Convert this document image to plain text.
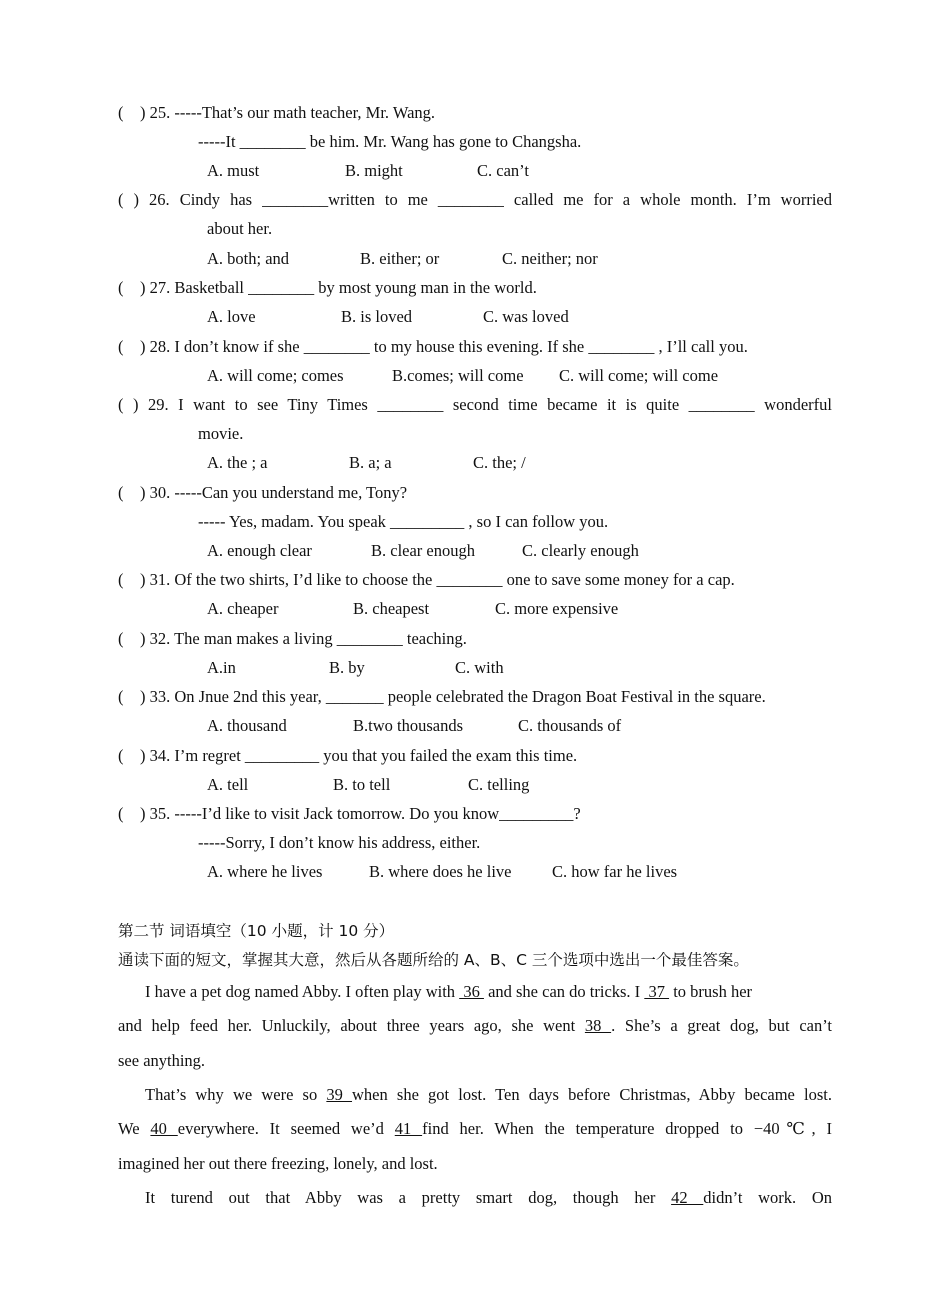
(    ) 25. -----That’s our math teacher, Mr. Wang.
-----It ________ be him. Mr. Wang has gone to Changsha.
A. must	B. might	C. can’t
( ) 26. Cindy has ________written to me ________ called me for a whole month. I’m worried
about her.
A. both; and	B. either; or	C. neither; nor
(    ) 27. Basketball ________ by most young man in the world.
A. love	B. is loved	C. was loved
(    ) 28. I don’t know if she ________ to my house this evening. If she ________ , I’ll call you.
A. will come; comes	B.comes; will come C. will come; will come
( ) 29. I want to see Tiny Times ________ second time became it is quite ________ wonderful
movie.
A. the ; a	B. a; a	C. the; /
(    ) 30. -----Can you understand me, Tony?
----- Yes, madam. You speak _________ , so I can follow you.
A. enough clear	B. clear enough	C. clearly enough
(    ) 31. Of the two shirts, I’d like to choose the ________ one to save some money for a cap.
A. cheaper	B. cheapest	C. more expensive
(    ) 32. The man makes a living ________ teaching.
A.in	B. by	C. with
(    ) 33. On Jnue 2nd this year, _______ people celebrated the Dragon Boat Festival in the square.
A. thousand	B.two thousands	C. thousands of
(    ) 34. I’m regret _________ you that you failed the exam this time.
A. tell	B. to tell	C. telling
(    ) 35. -----I’d like to visit Jack tomorrow. Do you know_________?
-----Sorry, I don’t know his address, either.
A. where he lives	B. where does he live C. how far he lives
第二节 词语填空（10 小题，计 10 分）
通读下面的短文，掌握其大意，然后从各题所给的 A、B、C 三个选项中选出一个最佳答案。
I have a pet dog named Abby. I often play with  36  and she can do tricks. I  37  to brush her
and help feed her. Unluckily, about three years ago, she went 38 . She’s a great dog, but can’t
see anything.
That’s why we were so 39 when she got lost. Ten days before Christmas, Abby became lost.
We 40 everywhere. It seemed we’d 41 find her. When the temperature dropped to −40℃, I
imagined her out there freezing, lonely, and lost.
It turend out that Abby was a pretty smart dog, though her 42 didn’t work. On
